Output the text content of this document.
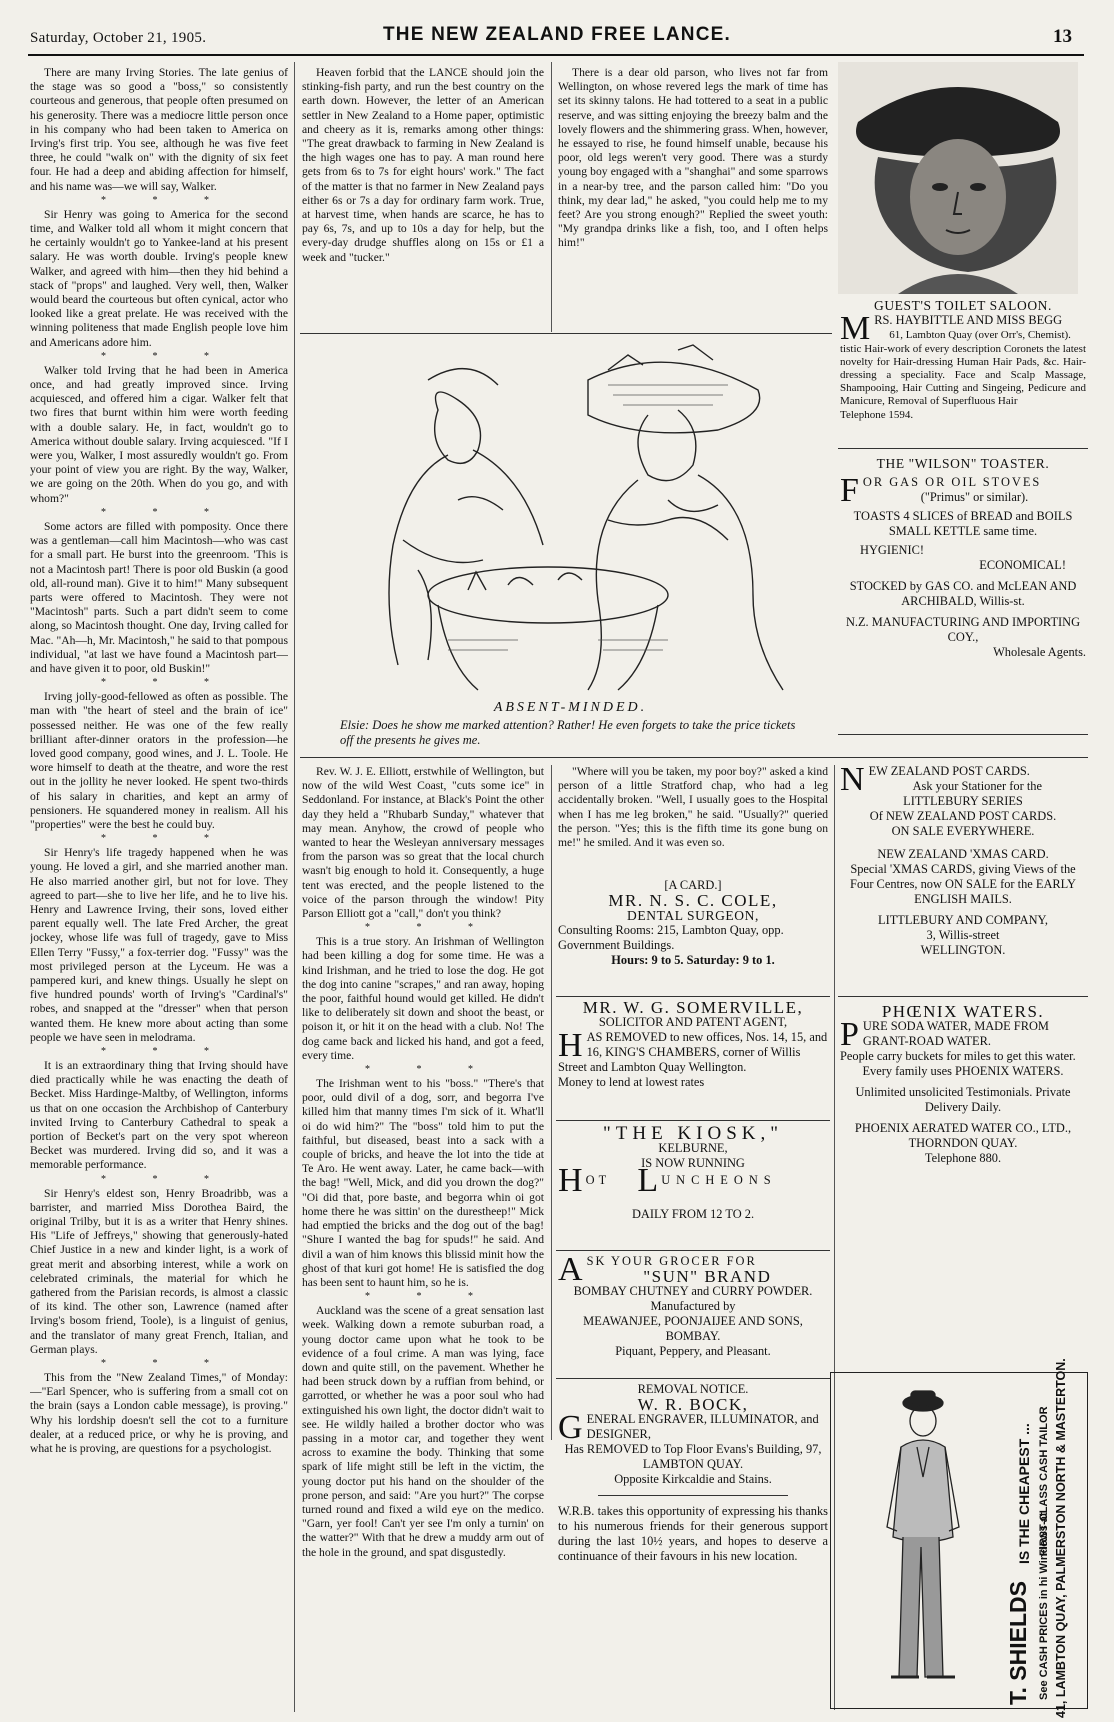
Saturday, October 21, 1905.	THE NEW ZEALAND FREE LANCE.	13

There are many Irving Stories. The late genius of the stage was so good a "boss," so consistently courteous and generous, that people often presumed on his generosity. There was a mediocre little person once in his company who had been taken to America on Irving's first trip. You see, although he was five feet three, he could "walk on" with the dignity of six feet four. He had a deep and abiding affection for himself, and his name was—we will say, Walker.

* * *

Sir Henry was going to America for the second time, and Walker told all whom it might concern that he certainly wouldn't go to Yankee-land at his present salary. He was worth double. Irving's people knew Walker, and agreed with him—then they hid behind a stack of "props" and laughed. Very well, then, Walker would beard the courteous but often cynical, actor who looked like a great prelate. He was received with the winning politeness that made English people love him and Americans adore him.

* * *

Walker told Irving that he had been in America once, and had greatly improved since. Irving acquiesced, and offered him a cigar. Walker felt that two fires that burnt within him were worth feeding with a double salary. He, in fact, wouldn't go to America without double salary. Irving acquiesced. "If I were you, Walker, I most assuredly wouldn't go. From your point of view you are right. By the way, Walker, we are going on the 20th. When do you go, and with whom?"

* * *

Some actors are filled with pomposity. Once there was a gentleman—call him Macintosh—who was cast for a small part. He burst into the greenroom. 'This is not a Macintosh part! There is poor old Buskin (a good old, all-round man). Give it to him!" Many subsequent parts were offered to Macintosh. They were not "Macintosh" parts. Such a part didn't seem to come along, so Macintosh thought. One day, Irving called for Mac. "Ah—h, Mr. Macintosh," he said to that pompous individual, "at last we have found a Macintosh part—and have given it to poor, old Buskin!"

* * *

Irving jolly-good-fellowed as often as possible. The man with "the heart of steel and the brain of ice" possessed neither. He was one of the few really brilliant after-dinner orators in the profession—he loved good company, good wines, and J. L. Toole. He wore himself to death at the theatre, and wore the rest out in the jollity he never looked. He spent two-thirds of his salary in charities, and kept an army of pensioners. He squandered money in realism. All his "properties" were the best he could buy.

* * *

Sir Henry's life tragedy happened when he was young. He loved a girl, and she married another man. He also married another girl, but not for love. They agreed to part—she to live her life, and he to live his. Henry and Lawrence Irving, their sons, loved either parent equally well. The late Fred Archer, the great jockey, whose life was full of tragedy, gave to Miss Ellen Terry "Fussy," a fox-terrier dog. "Fussy" was the most privileged person at the Lyceum. He was a pampered kuri, and knew things. Usually he slept on five hundred pounds' worth of Irving's "Cardinal's" robes, and snapped at the "dresser" when that person wanted them. He knew more about acting than some people we have seen in melodrama.

* * *

It is an extraordinary thing that Irving should have died practically while he was enacting the death of Becket. Miss Hardinge-Maltby, of Wellington, informs us that on one occasion the Archbishop of Canterbury invited Irving to Canterbury Cathedral to speak a portion of Becket's part on the very spot whereon Becket was murdered. Irving did so, and it was a memorable performance.

* * *

Sir Henry's eldest son, Henry Broadribb, was a barrister, and married Miss Dorothea Baird, the original Trilby, but it is as a writer that Henry shines. His "Life of Jeffreys," showing that generously-hated Chief Justice in a new and kinder light, is a work of great merit and absorbing interest, while a work on celebrated criminals, the material for which he gathered from the Parisian records, is almost a classic of its kind. The other son, Lawrence (named after Irving's bosom friend, Toole), is a linguist of genius, and the translator of many great French, Italian, and German plays.

* * *

This from the "New Zealand Times," of Monday:—"Earl Spencer, who is suffering from a small cot on the brain (says a London cable message), is proving." Why his lordship doesn't sell the cot to a furniture dealer, at a reduced price, or why he is proving, and what he is proving, are questions for a psychologist.

Heaven forbid that the LANCE should join the stinking-fish party, and run the best country on the earth down. However, the letter of an American settler in New Zealand to a Home paper, optimistic and cheery as it is, remarks among other things: "The great drawback to farming in New Zealand is the high wages one has to pay. A man round here gets from 6s to 7s for eight hours' work." The fact of the matter is that no farmer in New Zealand pays either 6s or 7s a day for ordinary farm work. True, at harvest time, when hands are scarce, he has to pay 6s, 7s, and up to 10s a day for help, but the every-day drudge shuffles along on 15s or £1 a week and "tucker."

There is a dear old parson, who lives not far from Wellington, on whose revered legs the mark of time has set its skinny talons. He had tottered to a seat in a public reserve, and was sitting enjoying the breezy balm and the lovely flowers and the shimmering grass. When, however, he essayed to rise, he found himself unable, because his poor, old legs weren't very good. There was a sturdy young boy engaged with a "shanghai" and some sparrows in a near-by tree, and the parson called him: "Do you think, my dear lad," he asked, "you could help me to my feet? Are you strong enough?" Replied the sweet youth: "My grandpa drinks like a fish, too, and I often helps him!"

ABSENT-MINDED.
Elsie: Does he show me marked attention? Rather! He even forgets to take the price tickets off the presents he gives me.

Rev. W. J. E. Elliott, erstwhile of Wellington, but now of the wild West Coast, "cuts some ice" in Seddonland. For instance, at Black's Point the other day they held a "Rhubarb Sunday," whatever that may mean. Anyhow, the crowd of people who wanted to hear the Wesleyan anniversary messages from the parson was so great that the local church wasn't big enough to hold it. Consequently, a huge tent was erected, and the people listened to the voice of the parson through the window! Pity Parson Elliott got a "call," don't you think?

* * *

This is a true story. An Irishman of Wellington had been killing a dog for some time. He was a kind Irishman, and he tried to lose the dog. He got the dog into canine "scrapes," and ran away, hoping the poor, faithful hound would get killed. He didn't like to deliberately sit down and shoot the beast, or poison it, or hit it on the head with a club. No! The dog came back and licked his hand, and got a feed, every time.

* * *

The Irishman went to his "boss." "There's that poor, ould divil of a dog, sorr, and begorra I've killed him that manny times I'm sick of it. What'll oi do wid him?" The "boss" told him to put the faithful, but diseased, beast into a sack with a couple of bricks, and heave the lot into the tide at Te Aro. He went away. Later, he came back—with the bag! "Well, Mick, and did you drown the dog?" "Oi did that, pore baste, and begorra whin oi got home there he was sittin' on the durestheep!" Mick had emptied the bricks and the dog out of the bag! "Shure I wanted the bag for spuds!" he said. And divil a wan of him knows this blissid minit how the ghost of that kuri got home! He is satisfied the dog has been sent to haunt him, so he is.

* * *

Auckland was the scene of a great sensation last week. Walking down a remote suburban road, a young doctor came upon what he took to be evidence of a foul crime. A man was lying, face down and quite still, on the pavement. Whether he had been struck down by a ruffian from behind, or garrotted, or whether he was a poor soul who had extinguished his own light, the doctor didn't wait to see. He wildly hailed a brother doctor who was passing in a motor car, and together they went across to examine the body. Thinking that some spark of life might still be left in the victim, the young doctor put his hand on the shoulder of the prone person, and said: "Are you hurt?" The corpse turned round and fixed a wild eye on the medico. "Garn, yer fool! Can't yer see I'm only a turnin' on the watter?" With that he drew a muddy arm out of the hole in the ground, and spat disgustedly.

"Where will you be taken, my poor boy?" asked a kind person of a little Stratford chap, who had a leg accidentally broken. "Well, I usually goes to the Hospital when I has me leg broken," he said. "Usually?" queried the person. "Yes; this is the fifth time its gone bung on me!" he smiled. And it was even so.

[A CARD.]
MR. N. S. C. COLE,
DENTAL SURGEON,
Consulting Rooms: 215, Lambton Quay, opp. Government Buildings.
Hours: 9 to 5. Saturday: 9 to 1.
MR. W. G. SOMERVILLE,
SOLICITOR AND PATENT AGENT,
HAS REMOVED to new offices, Nos. 14, 15, and 16, KING'S CHAMBERS, corner of Willis Street and Lambton Quay Wellington.
Money to lend at lowest rates
"THE KIOSK,"
KELBURNE,
IS NOW RUNNING
H OT L UNCHEONS
DAILY FROM 12 TO 2.
ASK YOUR GROCER FOR
"SUN" BRAND
BOMBAY CHUTNEY and CURRY POWDER.
Manufactured by
MEAWANJEE, POONJAIJEE AND SONS, BOMBAY.
Piquant, Peppery, and Pleasant.
REMOVAL NOTICE.
W. R. BOCK,
GENERAL ENGRAVER, ILLUMINATOR, and DESIGNER,
Has REMOVED to Top Floor Evans's Building, 97, LAMBTON QUAY.
Opposite Kirkcaldie and Stains.
W.R.B. takes this opportunity of expressing his thanks to his numerous friends for their generous support during the last 10½ years, and hopes to deserve a continuance of their favours in his new location.
GUEST'S TOILET SALOON.
MRS. HAYBITTLE AND MISS BEGG
61, Lambton Quay (over Orr's, Chemist).
tistic Hair-work of every description Coronets the latest novelty for Hair-dressing Human Hair Pads, &c. Hair-dressing a speciality. Face and Scalp Massage, Shampooing, Hair Cutting and Singeing, Pedicure and Manicure, Removal of Superfluous Hair
Telephone 1594.
THE "WILSON" TOASTER.
FOR GAS OR OIL STOVES
("Primus" or similar).
TOASTS 4 SLICES of BREAD and BOILS SMALL KETTLE same time.
HYGIENIC!
ECONOMICAL!
STOCKED by GAS CO. and McLEAN AND ARCHIBALD, Willis-st.
N.Z. MANUFACTURING AND IMPORTING COY.,
Wholesale Agents.
NEW ZEALAND POST CARDS.
Ask your Stationer for the
LITTLEBURY SERIES
Of NEW ZEALAND POST CARDS.
ON SALE EVERYWHERE.
NEW ZEALAND 'XMAS CARD.
Special 'XMAS CARDS, giving Views of the Four Centres, now ON SALE for the EARLY ENGLISH MAILS.
LITTLEBURY AND COMPANY,
3, Willis-street
WELLINGTON.
PHŒNIX WATERS.
PURE SODA WATER, MADE FROM GRANT-ROAD WATER.
People carry buckets for miles to get this water.
Every family uses PHOENIX WATERS.
Unlimited unsolicited Testimonials. Private Delivery Daily.
PHOENIX AERATED WATER CO., LTD., THORNDON QUAY.
Telephone 880.
T. SHIELDS
IS THE CHEAPEST ... FIRST-CLASS CASH TAILOR
See CASH PRICES in hi Windows at 41, LAMBTON QUAY, PALMERSTON NORTH & MASTERTON.
